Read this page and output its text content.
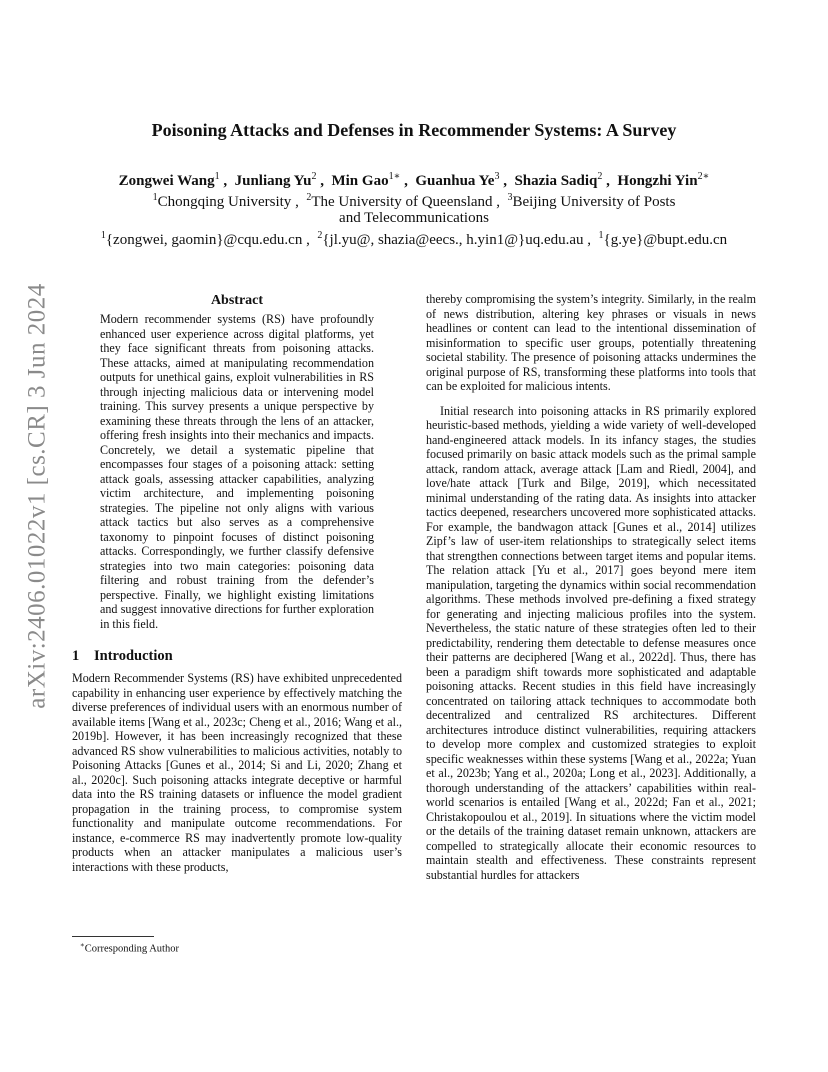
arXiv:2406.01022v1 [cs.CR] 3 Jun 2024
Poisoning Attacks and Defenses in Recommender Systems: A Survey
Zongwei Wang$^1$ ,  Junliang Yu$^2$ ,  Min Gao$^{1∗}$ ,  Guanhua Ye$^3$ ,  Shazia Sadiq$^2$ ,  Hongzhi Yin$^{2∗}$
$^1$Chongqing University ,  $^2$The University of Queensland ,  $^3$Beijing University of Posts and Telecommunications
$^1${zongwei, gaomin}@cqu.edu.cn ,  $^2${jl.yu@, shazia@eecs., h.yin1@}uq.edu.au ,  $^1${g.ye}@bupt.edu.cn

Abstract

Modern recommender systems (RS) have profoundly enhanced user experience across digital platforms, yet they face significant threats from poisoning attacks. These attacks, aimed at manipulating recommendation outputs for unethical gains, exploit vulnerabilities in RS through injecting malicious data or intervening model training. This survey presents a unique perspective by examining these threats through the lens of an attacker, offering fresh insights into their mechanics and impacts. Concretely, we detail a systematic pipeline that encompasses four stages of a poisoning attack: setting attack goals, assessing attacker capabilities, analyzing victim architecture, and implementing poisoning strategies. The pipeline not only aligns with various attack tactics but also serves as a comprehensive taxonomy to pinpoint focuses of distinct poisoning attacks. Correspondingly, we further classify defensive strategies into two main categories: poisoning data filtering and robust training from the defender’s perspective. Finally, we highlight existing limitations and suggest innovative directions for further exploration in this field.

1 Introduction

Modern Recommender Systems (RS) have exhibited unprecedented capability in enhancing user experience by effectively matching the diverse preferences of individual users with an enormous number of available items [Wang et al., 2023c; Cheng et al., 2016; Wang et al., 2019b]. However, it has been increasingly recognized that these advanced RS show vulnerabilities to malicious activities, notably to Poisoning Attacks [Gunes et al., 2014; Si and Li, 2020; Zhang et al., 2020c]. Such poisoning attacks integrate deceptive or harmful data into the RS training datasets or influence the model gradient propagation in the training process, to compromise system functionality and manipulate outcome recommendations. For instance, e-commerce RS may inadvertently promote low-quality products when an attacker manipulates a malicious user’s interactions with these products,

thereby compromising the system’s integrity. Similarly, in the realm of news distribution, altering key phrases or visuals in news headlines or content can lead to the intentional dissemination of misinformation to specific user groups, potentially threatening societal stability. The presence of poisoning attacks undermines the original purpose of RS, transforming these platforms into tools that can be exploited for malicious intents.

Initial research into poisoning attacks in RS primarily explored heuristic-based methods, yielding a wide variety of well-developed hand-engineered attack models. In its infancy stages, the studies focused primarily on basic attack models such as the primal sample attack, random attack, average attack [Lam and Riedl, 2004], and love/hate attack [Turk and Bilge, 2019], which necessitated minimal understanding of the rating data. As insights into attacker tactics deepened, researchers uncovered more sophisticated attacks. For example, the bandwagon attack [Gunes et al., 2014] utilizes Zipf’s law of user-item relationships to strategically select items that strengthen connections between target items and popular items. The relation attack [Yu et al., 2017] goes beyond mere item manipulation, targeting the dynamics within social recommendation algorithms. These methods involved pre-defining a fixed strategy for generating and injecting malicious profiles into the system. Nevertheless, the static nature of these strategies often led to their predictability, rendering them detectable to defense measures once their patterns are deciphered [Wang et al., 2022d]. Thus, there has been a paradigm shift towards more sophisticated and adaptable poisoning attacks. Recent studies in this field have increasingly concentrated on tailoring attack techniques to accommodate both decentralized and centralized RS architectures. Different architectures introduce distinct vulnerabilities, requiring attackers to develop more complex and customized strategies to exploit specific weaknesses within these systems [Wang et al., 2022a; Yuan et al., 2023b; Yang et al., 2020a; Long et al., 2023]. Additionally, a thorough understanding of the attackers’ capabilities within real-world scenarios is entailed [Wang et al., 2022d; Fan et al., 2021; Christakopoulou et al., 2019]. In situations where the victim model or the details of the training dataset remain unknown, attackers are compelled to strategically allocate their economic resources to maintain stealth and effectiveness. These constraints represent substantial hurdles for attackers

∗Corresponding Author
